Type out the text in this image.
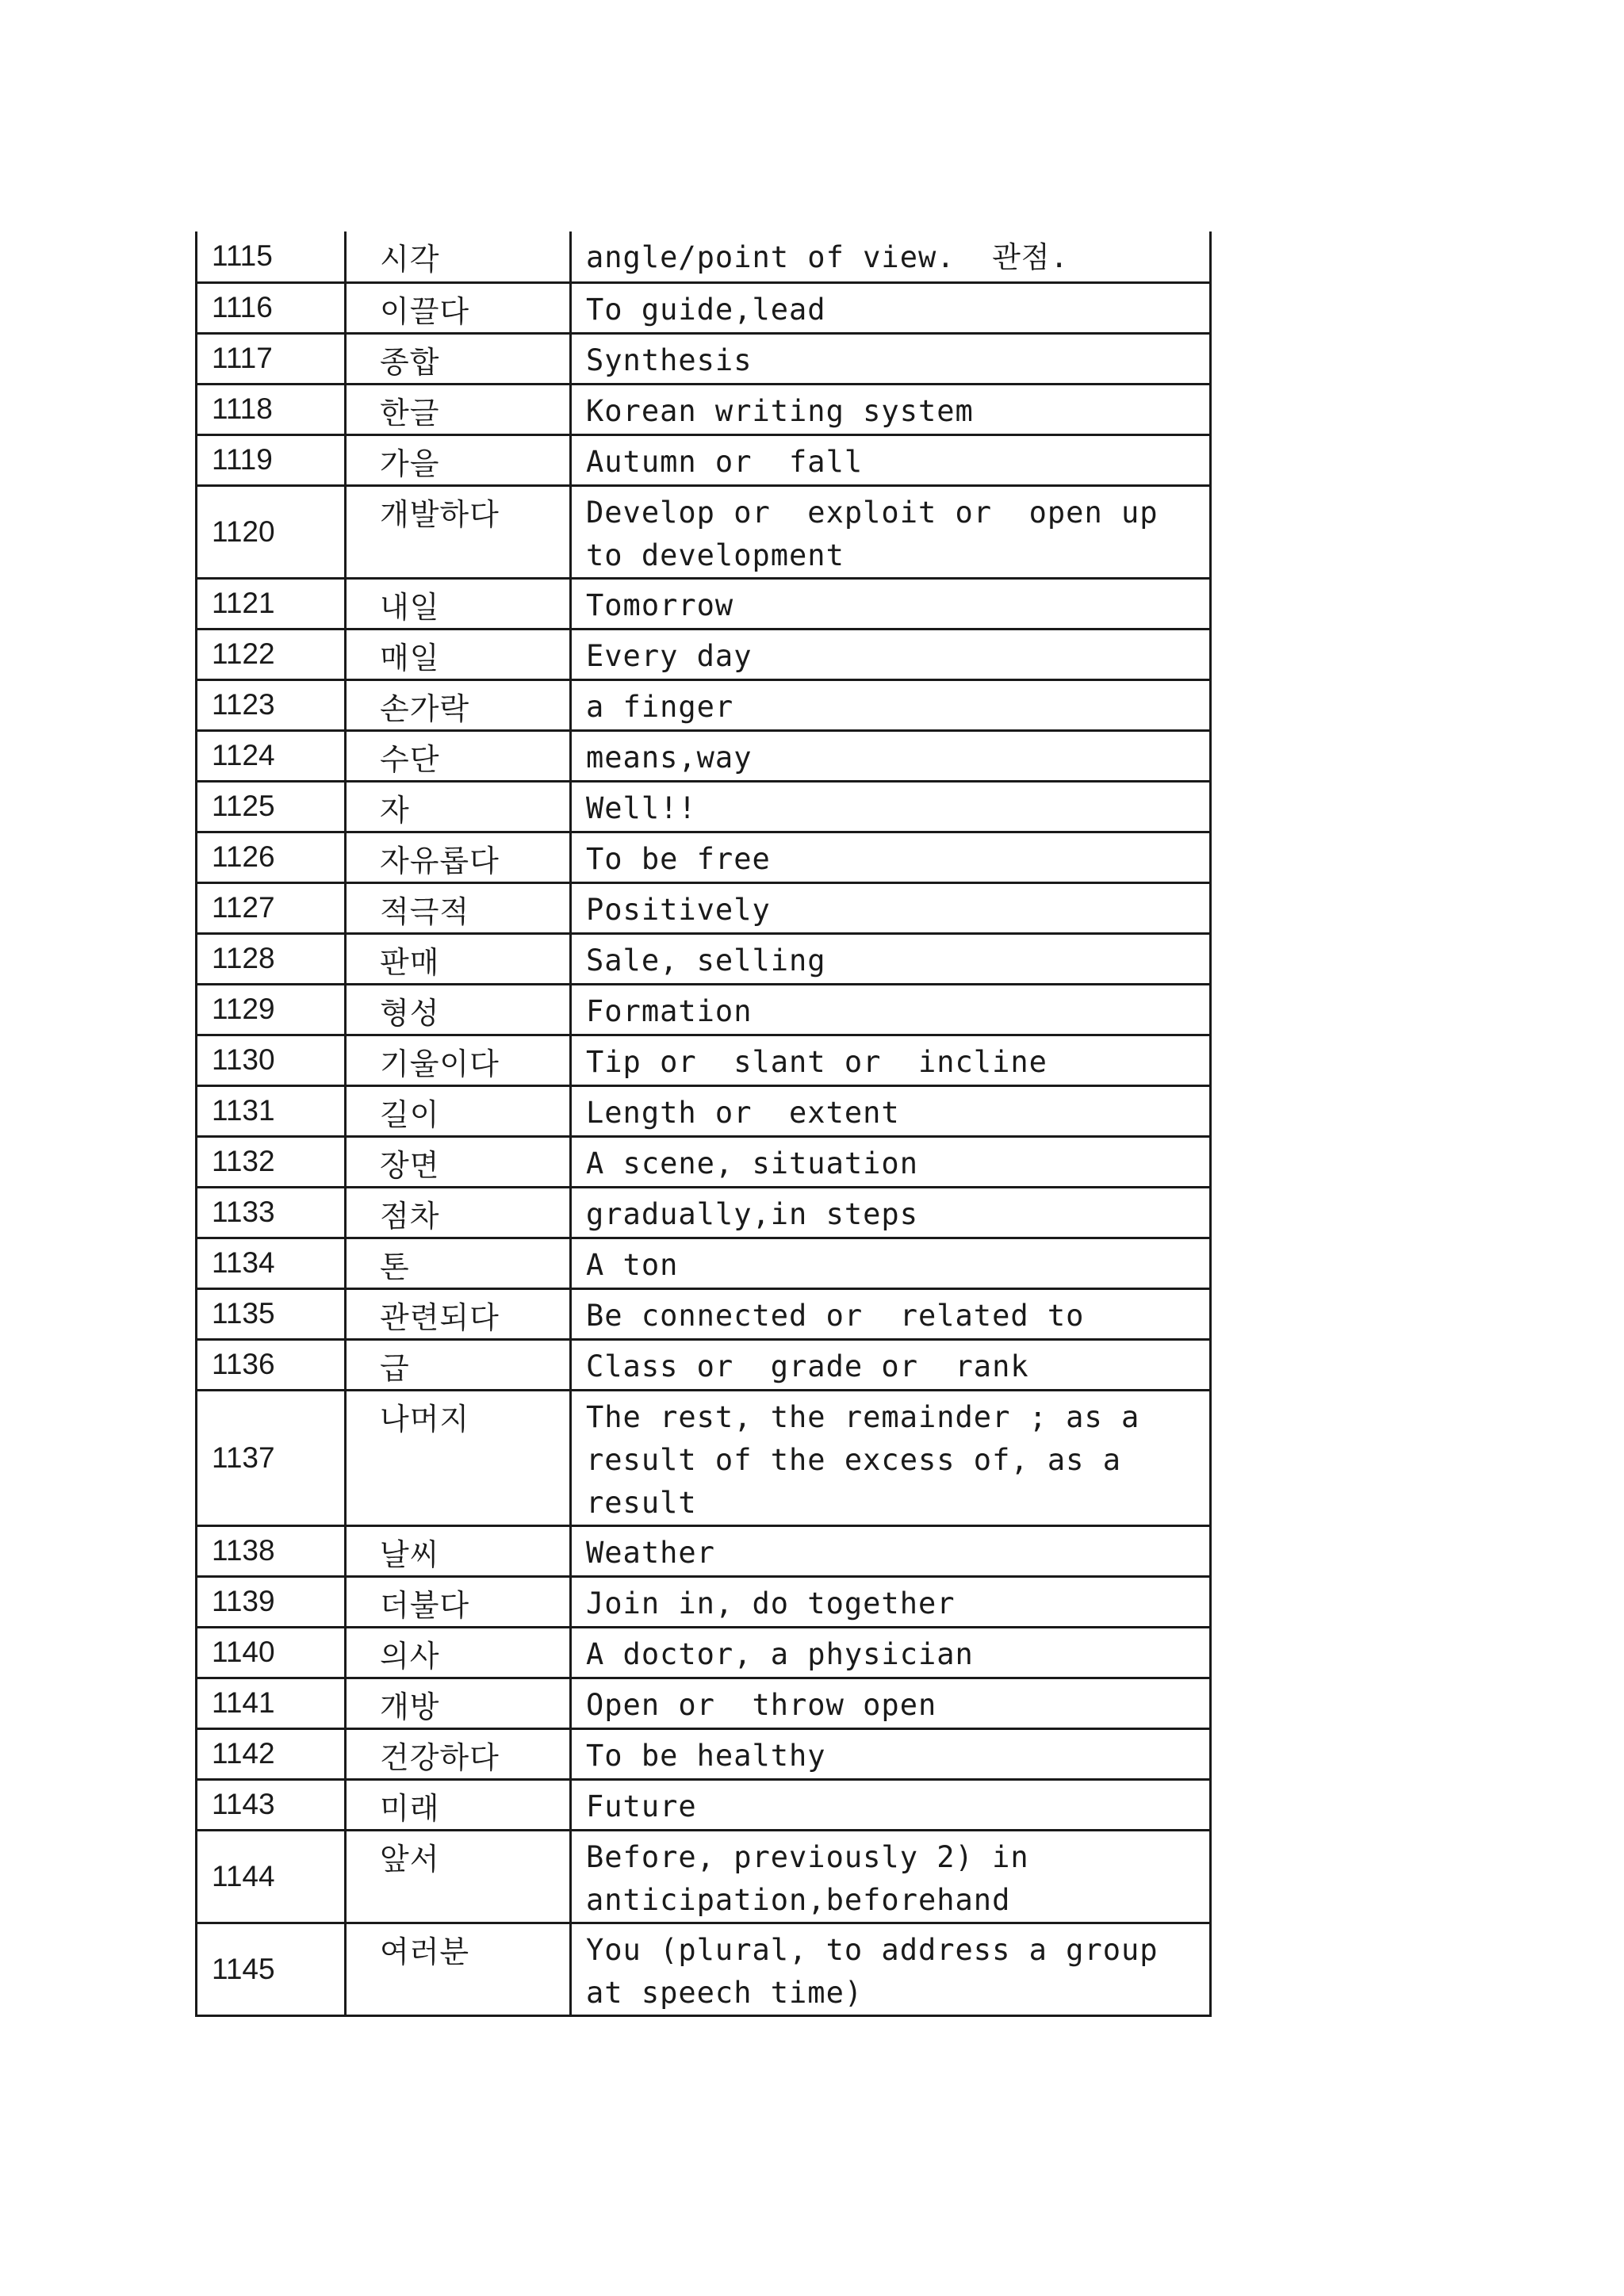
1115	시각	angle/point of view.  관점.
1116	이끌다	To guide,lead
1117	종합	Synthesis
1118	한글	Korean writing system
1119	가을	Autumn or  fall
1120	개발하다	Develop or  exploit or  open up to development
1121	내일	Tomorrow
1122	매일	Every day
1123	손가락	a finger
1124	수단	means,way
1125	자	Well!!
1126	자유롭다	To be free
1127	적극적	Positively
1128	판매	Sale, selling
1129	형성	Formation
1130	기울이다	Tip or  slant or  incline
1131	길이	Length or  extent
1132	장면	A scene, situation
1133	점차	gradually,in steps
1134	톤	A ton
1135	관련되다	Be connected or  related to
1136	급	Class or  grade or  rank
1137	나머지	The rest, the remainder ; as a result of the excess of, as a result
1138	날씨	Weather
1139	더불다	Join in, do together
1140	의사	A doctor, a physician
1141	개방	Open or  throw open
1142	건강하다	To be healthy
1143	미래	Future
1144	앞서	Before, previously 2) in anticipation,beforehand
1145	여러분	You (plural, to address a group at speech time)
